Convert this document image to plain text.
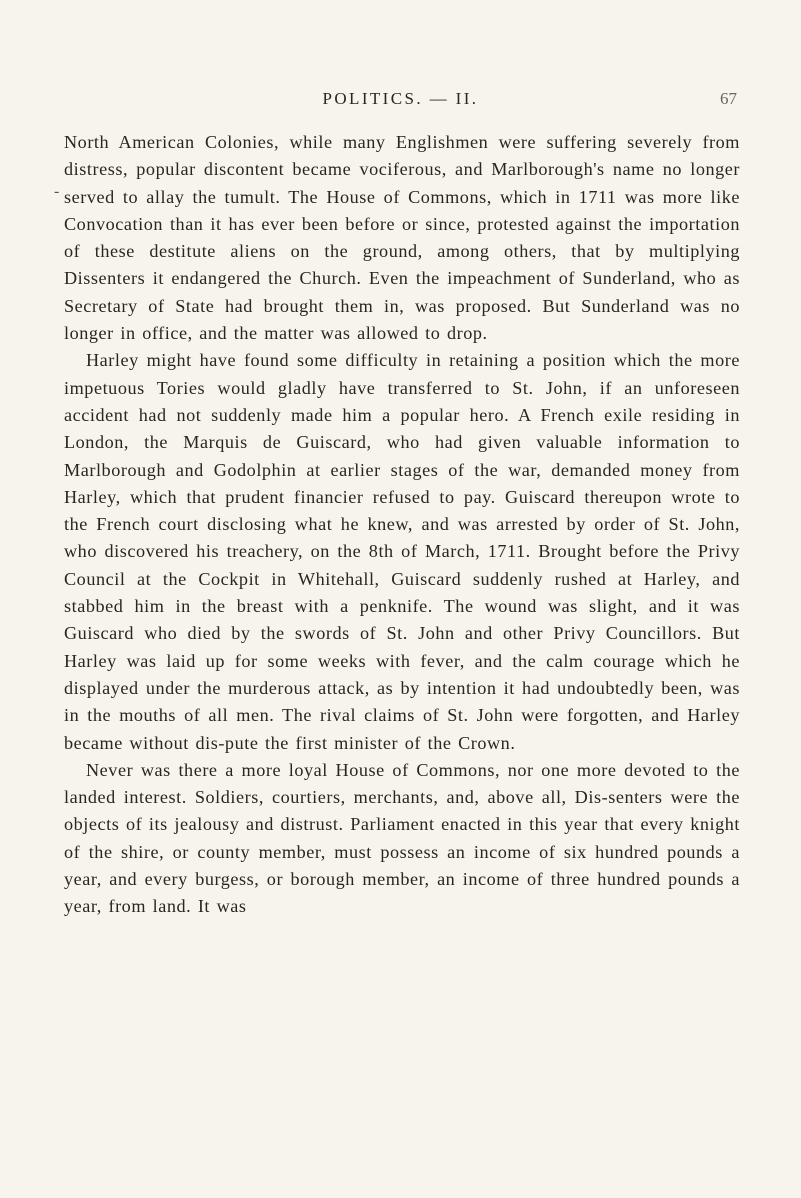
POLITICS. — II.	67
-

North American Colonies, while many Englishmen were suffering severely from distress, popular discontent became vociferous, and Marlborough's name no longer served to allay the tumult. The House of Commons, which in 1711 was more like Convocation than it has ever been before or since, protested against the importation of these destitute aliens on the ground, among others, that by multiplying Dissenters it endangered the Church. Even the impeachment of Sunderland, who as Secretary of State had brought them in, was proposed. But Sunderland was no longer in office, and the matter was allowed to drop.

Harley might have found some difficulty in retaining a position which the more impetuous Tories would gladly have transferred to St. John, if an unforeseen accident had not suddenly made him a popular hero. A French exile residing in London, the Marquis de Guiscard, who had given valuable information to Marlborough and Godolphin at earlier stages of the war, demanded money from Harley, which that prudent financier refused to pay. Guiscard thereupon wrote to the French court disclosing what he knew, and was arrested by order of St. John, who discovered his treachery, on the 8th of March, 1711. Brought before the Privy Council at the Cockpit in Whitehall, Guiscard suddenly rushed at Harley, and stabbed him in the breast with a penknife. The wound was slight, and it was Guiscard who died by the swords of St. John and other Privy Councillors. But Harley was laid up for some weeks with fever, and the calm courage which he displayed under the murderous attack, as by intention it had undoubtedly been, was in the mouths of all men. The rival claims of St. John were forgotten, and Harley became without dis-pute the first minister of the Crown.

Never was there a more loyal House of Commons, nor one more devoted to the landed interest. Soldiers, courtiers, merchants, and, above all, Dis-senters were the objects of its jealousy and distrust. Parliament enacted in this year that every knight of the shire, or county member, must possess an income of six hundred pounds a year, and every burgess, or borough member, an income of three hundred pounds a year, from land. It was
